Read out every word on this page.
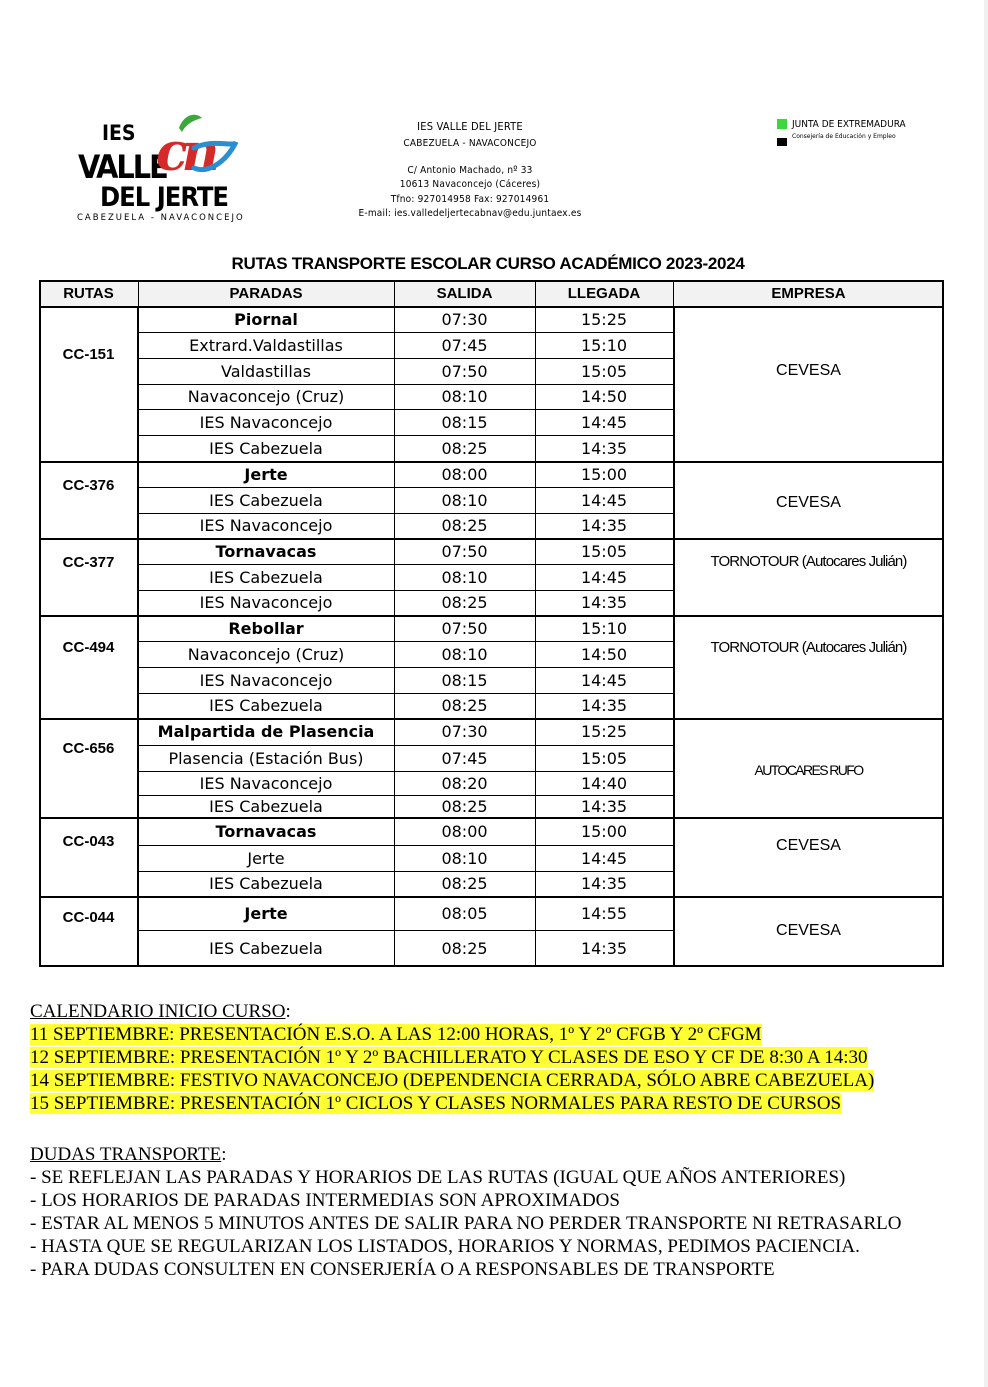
IES
VALLE
DEL JERTE
cn
CABEZUELA - NAVACONCEJO
IES VALLE DEL JERTE
CABEZUELA - NAVACONCEJO
C/ Antonio Machado, nº 33
10613 Navaconcejo (Cáceres)
Tfno: 927014958 Fax: 927014961
E-mail: ies.valledeljertecabnav@edu.juntaex.es
JUNTA DE EXTREMADURA
Consejería de Educación y Empleo
RUTAS TRANSPORTE ESCOLAR CURSO ACADÉMICO 2023-2024
RUTAS	PARADAS	SALIDA	LLEGADA	EMPRESA
CC-151
CEVESA
Piornal	07:30	15:25
Extrard.Valdastillas	07:45	15:10
Valdastillas	07:50	15:05
Navaconcejo (Cruz)	08:10	14:50
IES Navaconcejo	08:15	14:45
IES Cabezuela	08:25	14:35
CC-376
CEVESA
Jerte	08:00	15:00
IES Cabezuela	08:10	14:45
IES Navaconcejo	08:25	14:35
CC-377	TORNOTOUR (Autocares Julián)
Tornavacas	07:50	15:05
IES Cabezuela	08:10	14:45
IES Navaconcejo	08:25	14:35
CC-494	TORNOTOUR (Autocares Julián)
Rebollar	07:50	15:10
Navaconcejo (Cruz)	08:10	14:50
IES Navaconcejo	08:15	14:45
IES Cabezuela	08:25	14:35
CC-656
AUTOCARES RUFO
Malpartida de Plasencia	07:30	15:25
Plasencia (Estación Bus)	07:45	15:05
IES Navaconcejo	08:20	14:40
IES Cabezuela	08:25	14:35
CC-043	CEVESA
Tornavacas	08:00	15:00
Jerte	08:10	14:45
IES Cabezuela	08:25	14:35
CC-044
CEVESA
Jerte	08:05	14:55
IES Cabezuela	08:25	14:35
CALENDARIO INICIO CURSO:
11 SEPTIEMBRE: PRESENTACIÓN E.S.O. A LAS 12:00 HORAS, 1º Y 2º CFGB Y 2º CFGM
12 SEPTIEMBRE: PRESENTACIÓN 1º Y 2º BACHILLERATO Y CLASES DE ESO Y CF DE 8:30 A 14:30
14 SEPTIEMBRE: FESTIVO NAVACONCEJO (DEPENDENCIA CERRADA, SÓLO ABRE CABEZUELA)
15 SEPTIEMBRE: PRESENTACIÓN 1º CICLOS Y CLASES NORMALES PARA RESTO DE CURSOS
DUDAS TRANSPORTE:
- SE REFLEJAN LAS PARADAS Y HORARIOS DE LAS RUTAS (IGUAL QUE AÑOS ANTERIORES)
- LOS HORARIOS DE PARADAS INTERMEDIAS SON APROXIMADOS
- ESTAR AL MENOS 5 MINUTOS ANTES DE SALIR PARA NO PERDER TRANSPORTE NI RETRASARLO
- HASTA QUE SE REGULARIZAN LOS LISTADOS, HORARIOS Y NORMAS, PEDIMOS PACIENCIA.
- PARA DUDAS CONSULTEN EN CONSERJERÍA O A RESPONSABLES DE TRANSPORTE
